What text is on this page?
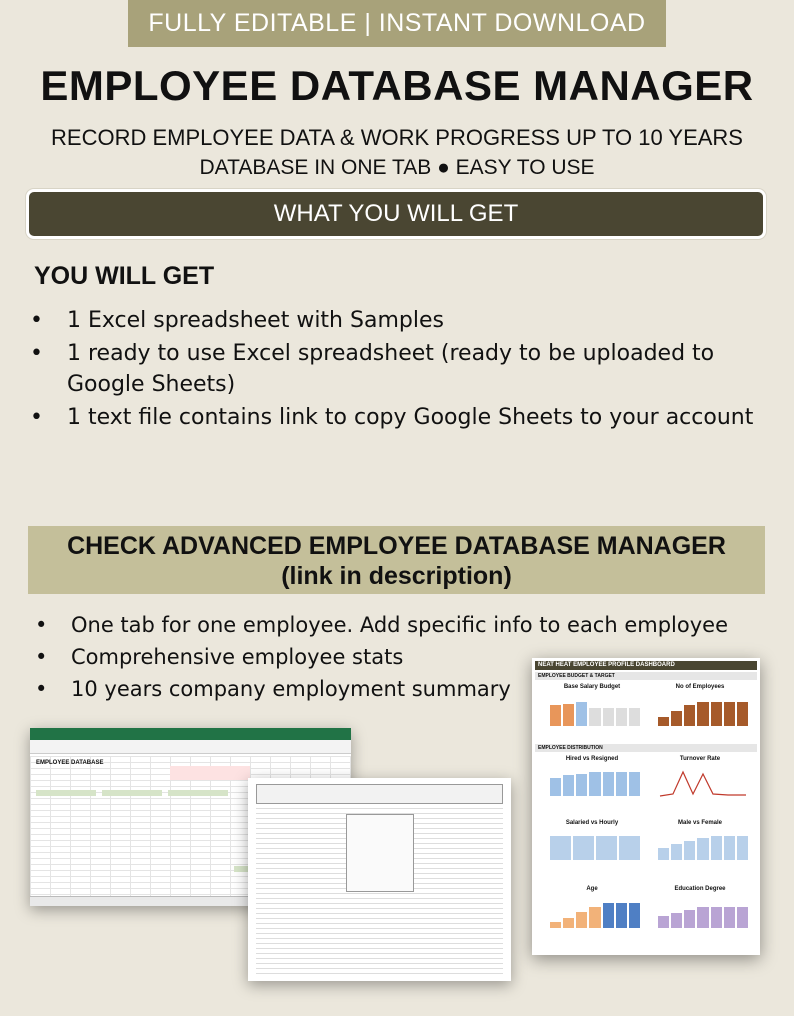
FULLY EDITABLE | INSTANT DOWNLOAD
EMPLOYEE DATABASE MANAGER
RECORD EMPLOYEE DATA & WORK PROGRESS UP TO 10 YEARS
DATABASE IN ONE TAB ● EASY TO USE
WHAT YOU WILL GET
YOU WILL GET
• 1 Excel spreadsheet with Samples
• 1 ready to use Excel spreadsheet (ready to be uploaded to Google Sheets)
• 1 text file contains link to copy Google Sheets to your account
CHECK ADVANCED EMPLOYEE DATABASE MANAGER
(link in description)
• One tab for one employee. Add specific info to each employee
• Comprehensive employee stats
• 10 years company employment summary
EMPLOYEE DATABASE
NEAT HEAT EMPLOYEE PROFILE DASHBOARD
EMPLOYEE BUDGET & TARGET
Base Salary Budget	No of Employees
EMPLOYEE DISTRIBUTION
Hired vs Resigned	Turnover Rate
Salaried vs Hourly	Male vs Female
Age	Education Degree
